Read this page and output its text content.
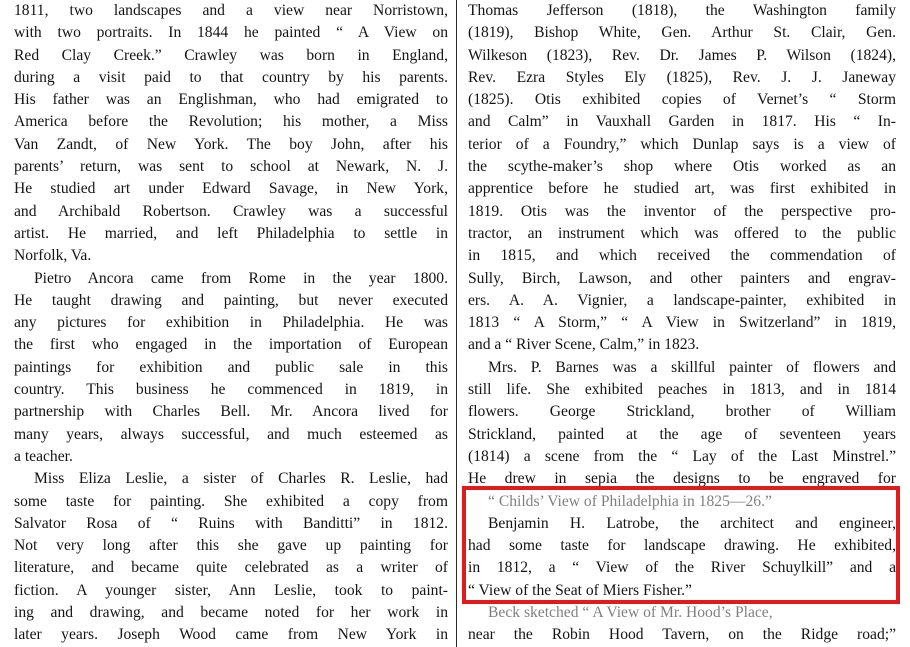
1811, two landscapes and a view near Norristown,
with two portraits. In 1844 he painted “ A View on
Red Clay Creek.” Crawley was born in England,
during a visit paid to that country by his parents.
His father was an Englishman, who had emigrated to
America before the Revolution; his mother, a Miss
Van Zandt, of New York. The boy John, after his
parents’ return, was sent to school at Newark, N. J.
He studied art under Edward Savage, in New York,
and Archibald Robertson. Crawley was a successful
artist. He married, and left Philadelphia to settle in
Norfolk, Va.
Pietro Ancora came from Rome in the year 1800.
He taught drawing and painting, but never executed
any pictures for exhibition in Philadelphia. He was
the first who engaged in the importation of European
paintings for exhibition and public sale in this
country. This business he commenced in 1819, in
partnership with Charles Bell. Mr. Ancora lived for
many years, always successful, and much esteemed as
a teacher.
Miss Eliza Leslie, a sister of Charles R. Leslie, had
some taste for painting. She exhibited a copy from
Salvator Rosa of “ Ruins with Banditti” in 1812.
Not very long after this she gave up painting for
literature, and became quite celebrated as a writer of
fiction. A younger sister, Ann Leslie, took to paint-
ing and drawing, and became noted for her work in
later years. Joseph Wood came from New York in
Thomas Jefferson (1818), the Washington family
(1819), Bishop White, Gen. Arthur St. Clair, Gen.
Wilkeson (1823), Rev. Dr. James P. Wilson (1824),
Rev. Ezra Styles Ely (1825), Rev. J. J. Janeway
(1825). Otis exhibited copies of Vernet’s “ Storm
and Calm” in Vauxhall Garden in 1817. His “ In-
terior of a Foundry,” which Dunlap says is a view of
the scythe-maker’s shop where Otis worked as an
apprentice before he studied art, was first exhibited in
1819. Otis was the inventor of the perspective pro-
tractor, an instrument which was offered to the public
in 1815, and which received the commendation of
Sully, Birch, Lawson, and other painters and engrav-
ers. A. A. Vignier, a landscape-painter, exhibited in
1813 “ A Storm,” “ A View in Switzerland” in 1819,
and a “ River Scene, Calm,” in 1823.
Mrs. P. Barnes was a skillful painter of flowers and
still life. She exhibited peaches in 1813, and in 1814
flowers. George Strickland, brother of William
Strickland, painted at the age of seventeen years
(1814) a scene from the “ Lay of the Last Minstrel.”
He drew in sepia the designs to be engraved for
“ Childs’ View of Philadelphia in 1825—26.”
Benjamin H. Latrobe, the architect and engineer,
had some taste for landscape drawing. He exhibited,
in 1812, a “ View of the River Schuylkill” and a
“ View of the Seat of Miers Fisher.”
Beck sketched “ A View of Mr. Hood’s Place,
near the Robin Hood Tavern, on the Ridge road;”
